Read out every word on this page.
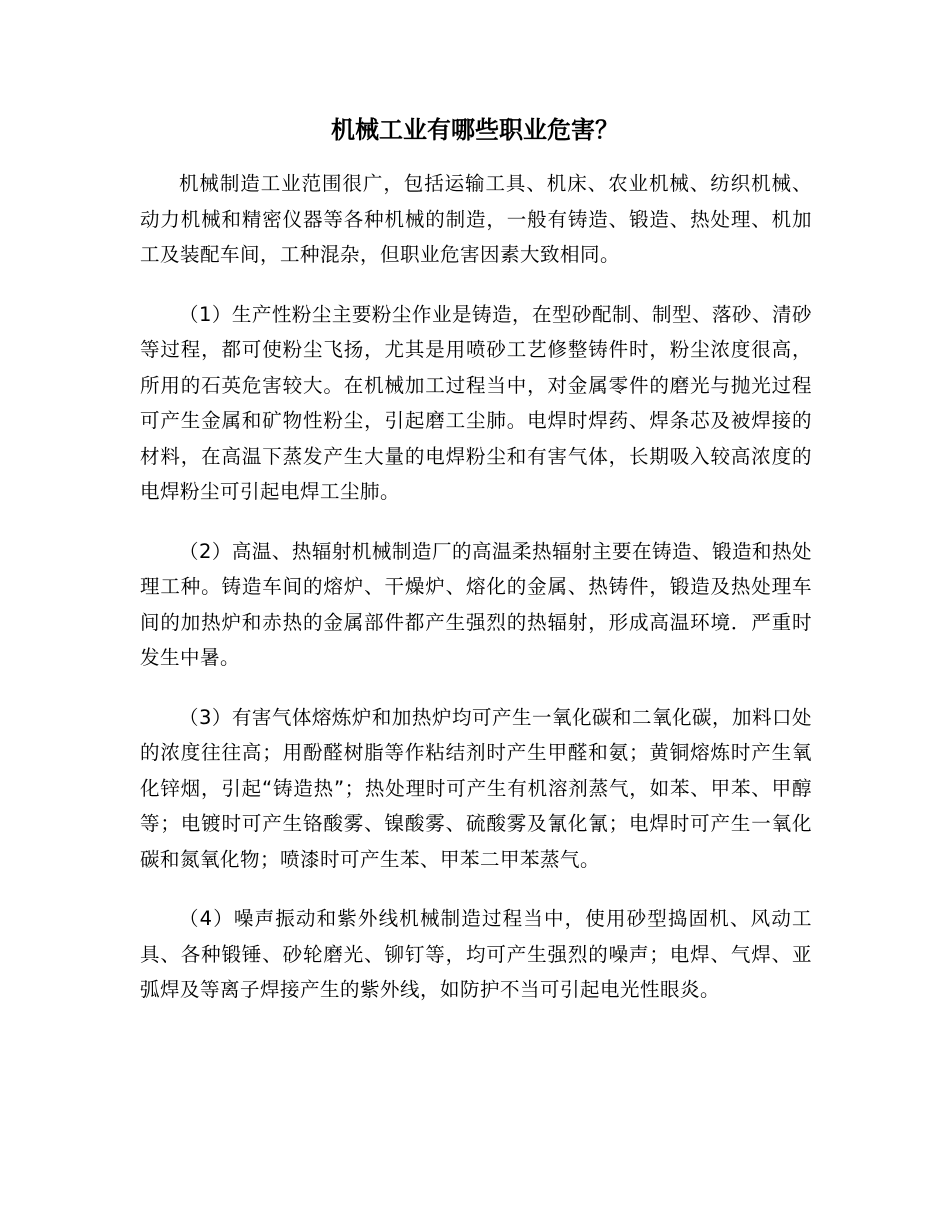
机械工业有哪些职业危害？

机械制造工业范围很广，包括运输工具、机床、农业机械、纺织机械、动力机械和精密仪器等各种机械的制造，一般有铸造、锻造、热处理、机加工及装配车间，工种混杂，但职业危害因素大致相同。

（1）生产性粉尘主要粉尘作业是铸造，在型砂配制、制型、落砂、清砂等过程，都可使粉尘飞扬，尤其是用喷砂工艺修整铸件时，粉尘浓度很高，所用的石英危害较大。在机械加工过程当中，对金属零件的磨光与抛光过程可产生金属和矿物性粉尘，引起磨工尘肺。电焊时焊药、焊条芯及被焊接的材料，在高温下蒸发产生大量的电焊粉尘和有害气体，长期吸入较高浓度的电焊粉尘可引起电焊工尘肺。

（2）高温、热辐射机械制造厂的高温柔热辐射主要在铸造、锻造和热处理工种。铸造车间的熔炉、干燥炉、熔化的金属、热铸件，锻造及热处理车间的加热炉和赤热的金属部件都产生强烈的热辐射，形成高温环境．严重时发生中暑。

（3）有害气体熔炼炉和加热炉均可产生一氧化碳和二氧化碳，加料口处的浓度往往高；用酚醛树脂等作粘结剂时产生甲醛和氨；黄铜熔炼时产生氧化锌烟，引起“铸造热”；热处理时可产生有机溶剂蒸气，如苯、甲苯、甲醇等；电镀时可产生铬酸雾、镍酸雾、硫酸雾及氰化氰；电焊时可产生一氧化碳和氮氧化物；喷漆时可产生苯、甲苯二甲苯蒸气。

（4）噪声振动和紫外线机械制造过程当中，使用砂型捣固机、风动工具、各种锻锤、砂轮磨光、铆钉等，均可产生强烈的噪声；电焊、气焊、亚弧焊及等离子焊接产生的紫外线，如防护不当可引起电光性眼炎。
